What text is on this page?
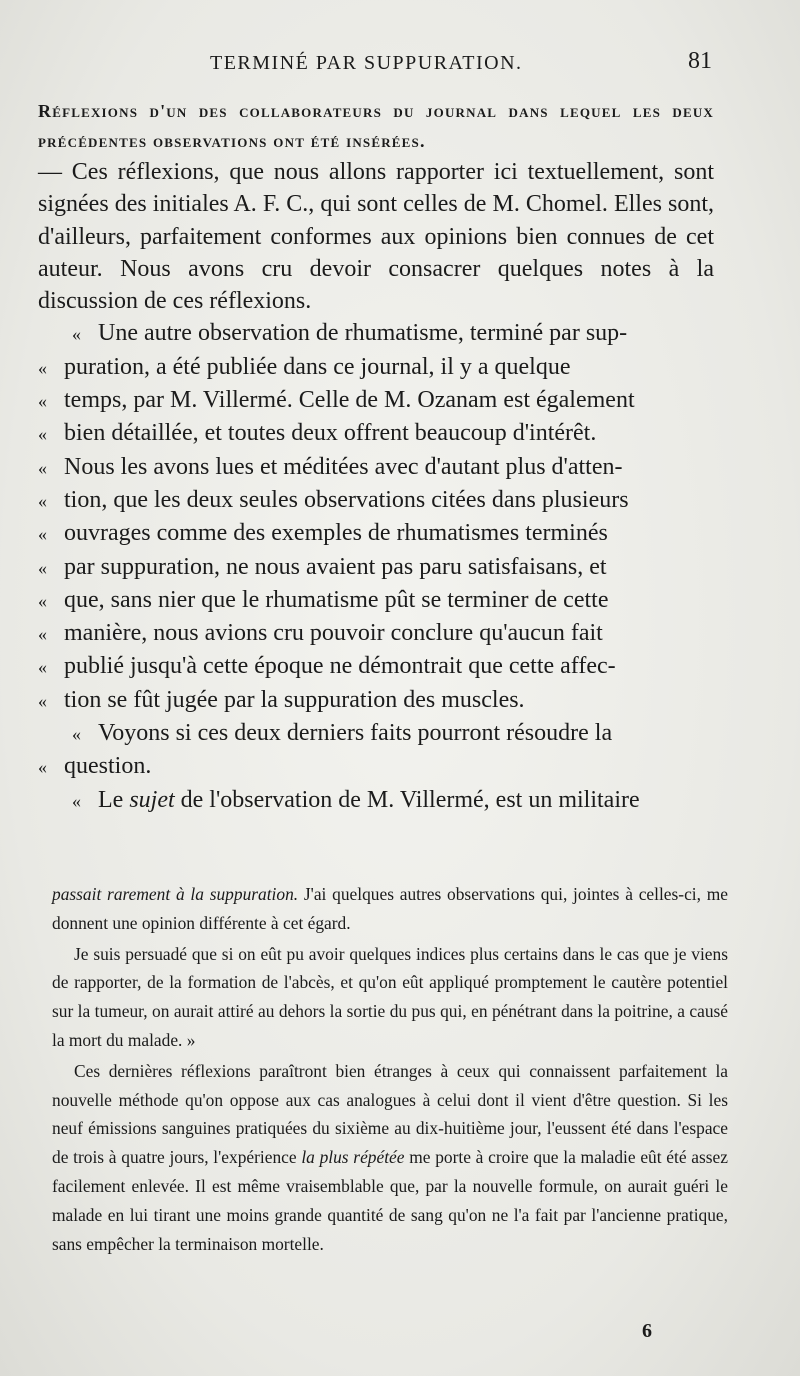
TERMINÉ PAR SUPPURATION.	81

Réflexions d'un des collaborateurs du journal dans lequel les deux précédentes observations ont été insérées.

— Ces réflexions, que nous allons rapporter ici textuellement, sont signées des initiales A. F. C., qui sont celles de M. Chomel. Elles sont, d'ailleurs, parfaitement conformes aux opinions bien connues de cet auteur. Nous avons cru devoir consacrer quelques notes à la discussion de ces réflexions.

« Une autre observation de rhumatisme, terminé par sup-
« puration, a été publiée dans ce journal, il y a quelque
« temps, par M. Villermé. Celle de M. Ozanam est également
« bien détaillée, et toutes deux offrent beaucoup d'intérêt.
« Nous les avons lues et méditées avec d'autant plus d'atten-
« tion, que les deux seules observations citées dans plusieurs
« ouvrages comme des exemples de rhumatismes terminés
« par suppuration, ne nous avaient pas paru satisfaisans, et
« que, sans nier que le rhumatisme pût se terminer de cette
« manière, nous avions cru pouvoir conclure qu'aucun fait
« publié jusqu'à cette époque ne démontrait que cette affec-
« tion se fût jugée par la suppuration des muscles.
« Voyons si ces deux derniers faits pourront résoudre la
« question.
« Le sujet de l'observation de M. Villermé, est un militaire

passait rarement à la suppuration. J'ai quelques autres observations qui, jointes à celles-ci, me donnent une opinion différente à cet égard.

Je suis persuadé que si on eût pu avoir quelques indices plus certains dans le cas que je viens de rapporter, de la formation de l'abcès, et qu'on eût appliqué promptement le cautère potentiel sur la tumeur, on aurait attiré au dehors la sortie du pus qui, en pénétrant dans la poitrine, a causé la mort du malade. »

Ces dernières réflexions paraîtront bien étranges à ceux qui connaissent parfaitement la nouvelle méthode qu'on oppose aux cas analogues à celui dont il vient d'être question. Si les neuf émissions sanguines pratiquées du sixième au dix-huitième jour, l'eussent été dans l'espace de trois à quatre jours, l'expérience la plus répétée me porte à croire que la maladie eût été assez facilement enlevée. Il est même vraisemblable que, par la nouvelle formule, on aurait guéri le malade en lui tirant une moins grande quantité de sang qu'on ne l'a fait par l'ancienne pratique, sans empêcher la terminaison mortelle.

6
